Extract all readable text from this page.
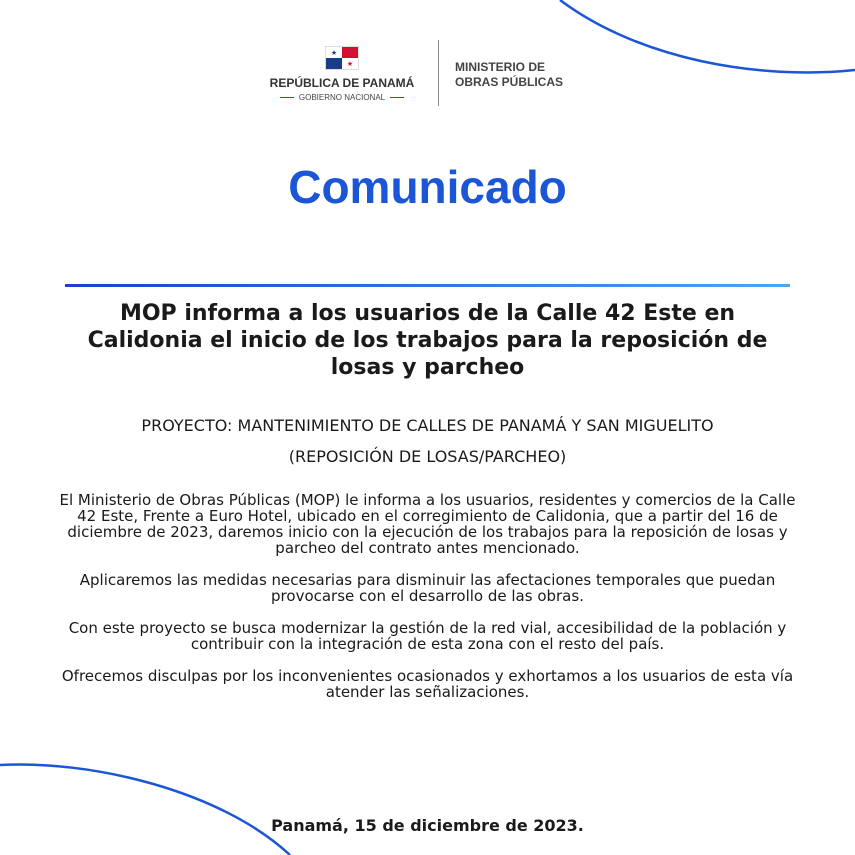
★
★
REPÚBLICA DE PANAMÁ
GOBIERNO NACIONAL
MINISTERIO DE
OBRAS PÚBLICAS
Comunicado
MOP informa a los usuarios de la Calle 42 Este en Calidonia el inicio de los trabajos para la reposición de losas y parcheo
PROYECTO: MANTENIMIENTO DE CALLES DE PANAMÁ Y SAN MIGUELITO (REPOSICIÓN DE LOSAS/PARCHEO)

El Ministerio de Obras Públicas (MOP) le informa a los usuarios, residentes y comercios de la Calle 42 Este, Frente a Euro Hotel, ubicado en el corregimiento de Calidonia, que a partir del 16 de diciembre de 2023, daremos inicio con la ejecución de los trabajos para la reposición de losas y parcheo del contrato antes mencionado.

Aplicaremos las medidas necesarias para disminuir las afectaciones temporales que puedan provocarse con el desarrollo de las obras.

Con este proyecto se busca modernizar la gestión de la red vial, accesibilidad de la población y contribuir con la integración de esta zona con el resto del país.

Ofrecemos disculpas por los inconvenientes ocasionados y exhortamos a los usuarios de esta vía atender las señalizaciones.

Panamá, 15 de diciembre de 2023.
